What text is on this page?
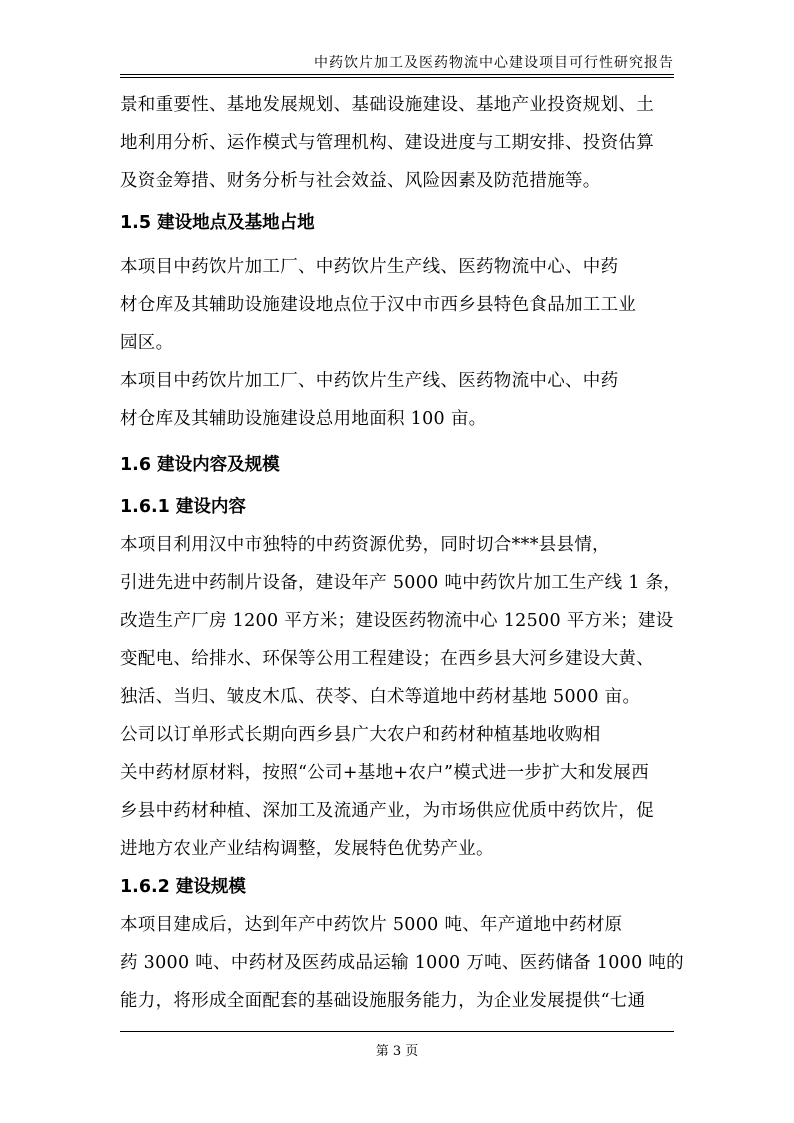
中药饮片加工及医药物流中心建设项目可行性研究报告
景和重要性、基地发展规划、基础设施建设、基地产业投资规划、土
地利用分析、运作模式与管理机构、建设进度与工期安排、投资估算
及资金筹措、财务分析与社会效益、风险因素及防范措施等。
1.5 建设地点及基地占地
本项目中药饮片加工厂、中药饮片生产线、医药物流中心、中药
材仓库及其辅助设施建设地点位于汉中市西乡县特色食品加工工业
园区。
本项目中药饮片加工厂、中药饮片生产线、医药物流中心、中药
材仓库及其辅助设施建设总用地面积 100 亩。
1.6 建设内容及规模
1.6.1 建设内容
本项目利用汉中市独特的中药资源优势，同时切合***县县情，
引进先进中药制片设备，建设年产 5000 吨中药饮片加工生产线 1 条，
改造生产厂房 1200 平方米；建设医药物流中心 12500 平方米；建设
变配电、给排水、环保等公用工程建设；在西乡县大河乡建设大黄、
独活、当归、皱皮木瓜、茯苓、白术等道地中药材基地 5000 亩。
公司以订单形式长期向西乡县广大农户和药材种植基地收购相
关中药材原材料，按照“公司+基地+农户”模式进一步扩大和发展西
乡县中药材种植、深加工及流通产业，为市场供应优质中药饮片，促
进地方农业产业结构调整，发展特色优势产业。
1.6.2 建设规模
本项目建成后，达到年产中药饮片 5000 吨、年产道地中药材原
药 3000 吨、中药材及医药成品运输 1000 万吨、医药储备 1000 吨的
能力，将形成全面配套的基础设施服务能力，为企业发展提供“七通
第 3 页
